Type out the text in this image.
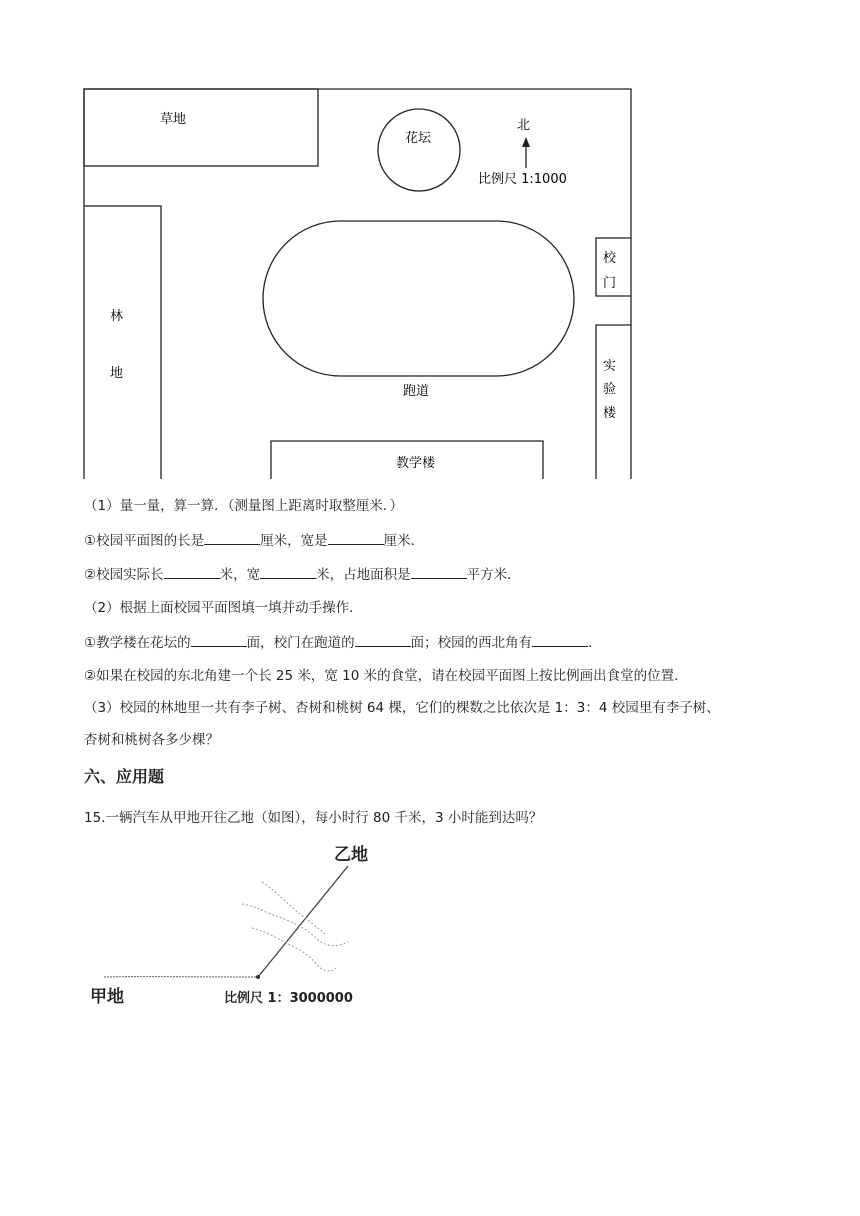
草地
花坛
北
比例尺 1:1000
林
地
跑道
校
门
实
验
楼
教学楼
（1）量一量，算一算．（测量图上距离时取整厘米．）
①校园平面图的长是	厘米，宽是	厘米．
②校园实际长	米，宽	米，占地面积是	平方米．
（2）根据上面校园平面图填一填并动手操作．
①教学楼在花坛的	面，校门在跑道的	面；校园的西北角有	．
②如果在校园的东北角建一个长 25 米，宽 10 米的食堂，请在校园平面图上按比例画出食堂的位置．
（3）校园的林地里一共有李子树、杏树和桃树 64 棵，它们的棵数之比依次是 1：3：4 校园里有李子树、
杏树和桃树各多少棵？
六、应用题
15.一辆汽车从甲地开往乙地（如图），每小时行 80 千米，3 小时能到达吗？
乙地
甲地	比例尺 1：3000000
